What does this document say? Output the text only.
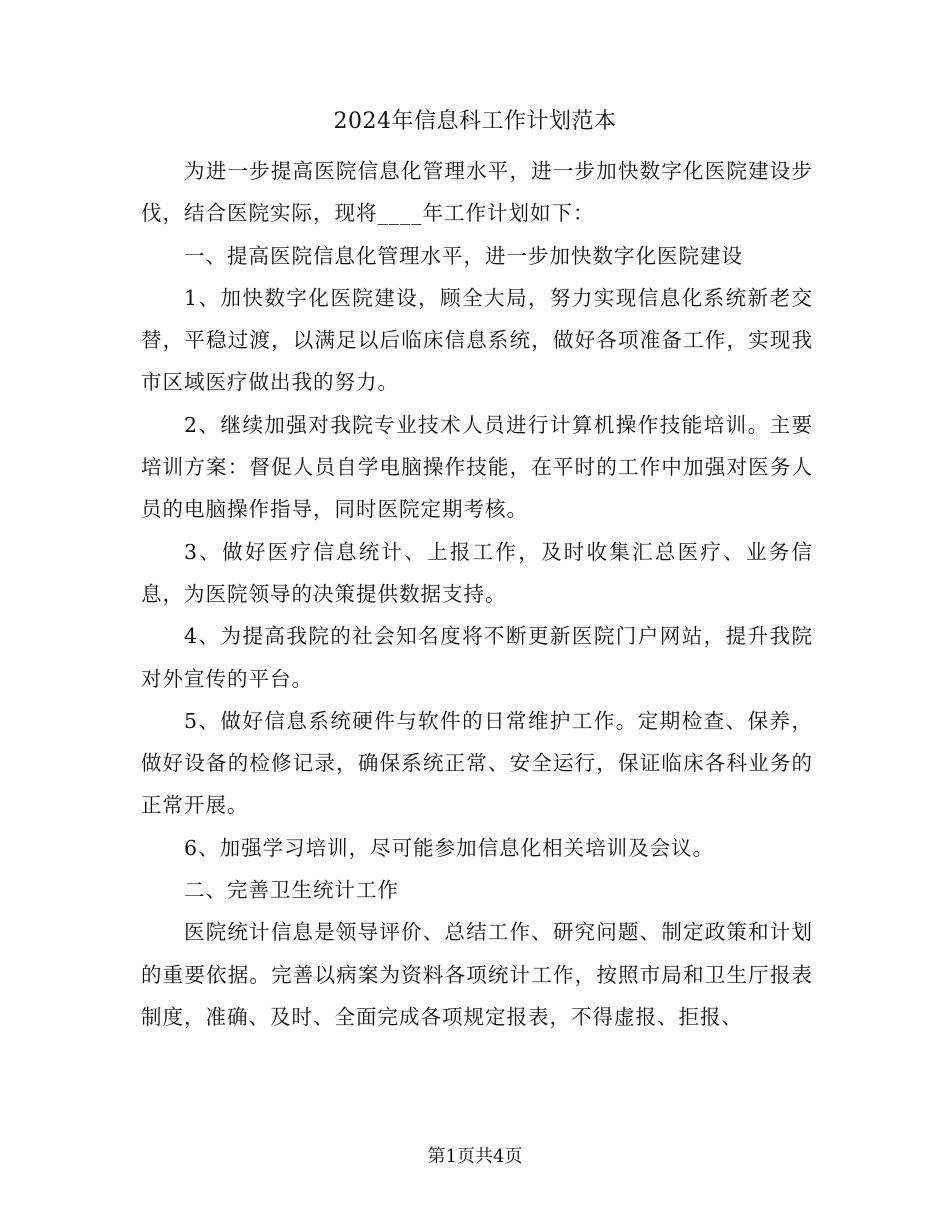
2024年信息科工作计划范本

为进一步提高医院信息化管理水平，进一步加快数字化医院建设步伐，结合医院实际，现将____年工作计划如下：

一、提高医院信息化管理水平，进一步加快数字化医院建设

1、加快数字化医院建设，顾全大局，努力实现信息化系统新老交替，平稳过渡，以满足以后临床信息系统，做好各项准备工作，实现我市区域医疗做出我的努力。

2、继续加强对我院专业技术人员进行计算机操作技能培训。主要培训方案：督促人员自学电脑操作技能，在平时的工作中加强对医务人员的电脑操作指导，同时医院定期考核。

3、做好医疗信息统计、上报工作，及时收集汇总医疗、业务信息，为医院领导的决策提供数据支持。

4、为提高我院的社会知名度将不断更新医院门户网站，提升我院对外宣传的平台。

5、做好信息系统硬件与软件的日常维护工作。定期检查、保养，做好设备的检修记录，确保系统正常、安全运行，保证临床各科业务的正常开展。

6、加强学习培训，尽可能参加信息化相关培训及会议。

二、完善卫生统计工作

医院统计信息是领导评价、总结工作、研究问题、制定政策和计划的重要依据。完善以病案为资料各项统计工作，按照市局和卫生厅报表制度，准确、及时、全面完成各项规定报表，不得虚报、拒报、

第1页共4页
